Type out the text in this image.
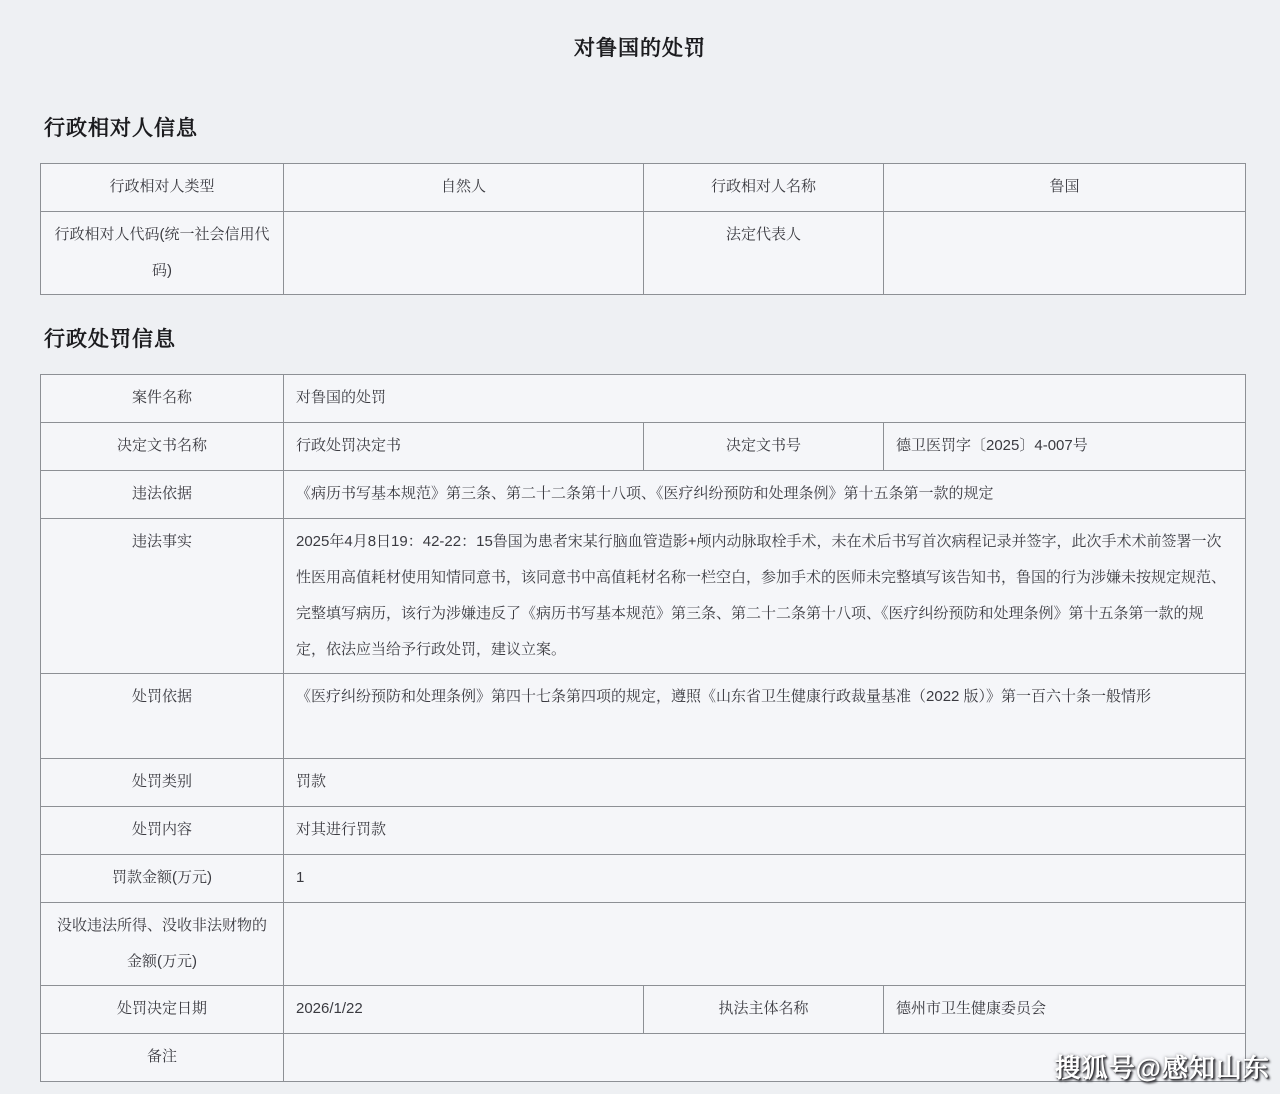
对鲁国的处罚
行政相对人信息
行政相对人类型	自然人	行政相对人名称	鲁国
行政相对人代码(统一社会信用代码)		法定代表人	
行政处罚信息
案件名称	对鲁国的处罚		
决定文书名称	行政处罚决定书	决定文书号	德卫医罚字〔2025〕4-007号
违法依据	《病历书写基本规范》第三条、第二十二条第十八项、《医疗纠纷预防和处理条例》第十五条第一款的规定		
违法事实	2025年4月8日19：42-22：15鲁国为患者宋某行脑血管造影+颅内动脉取栓手术，未在术后书写首次病程记录并签字，此次手术术前签署一次性医用高值耗材使用知情同意书，该同意书中高值耗材名称一栏空白，参加手术的医师未完整填写该告知书，鲁国的行为涉嫌未按规定规范、完整填写病历，该行为涉嫌违反了《病历书写基本规范》第三条、第二十二条第十八项、《医疗纠纷预防和处理条例》第十五条第一款的规定，依法应当给予行政处罚，建议立案。		
处罚依据	《医疗纠纷预防和处理条例》第四十七条第四项的规定，遵照《山东省卫生健康行政裁量基准（2022 版）》第一百六十条一般情形		
处罚类别	罚款		
处罚内容	对其进行罚款		
罚款金额(万元)	1		
没收违法所得、没收非法财物的金额(万元)			
处罚决定日期	2026/1/22	执法主体名称	德州市卫生健康委员会
备注				搜狐号@感知山东
